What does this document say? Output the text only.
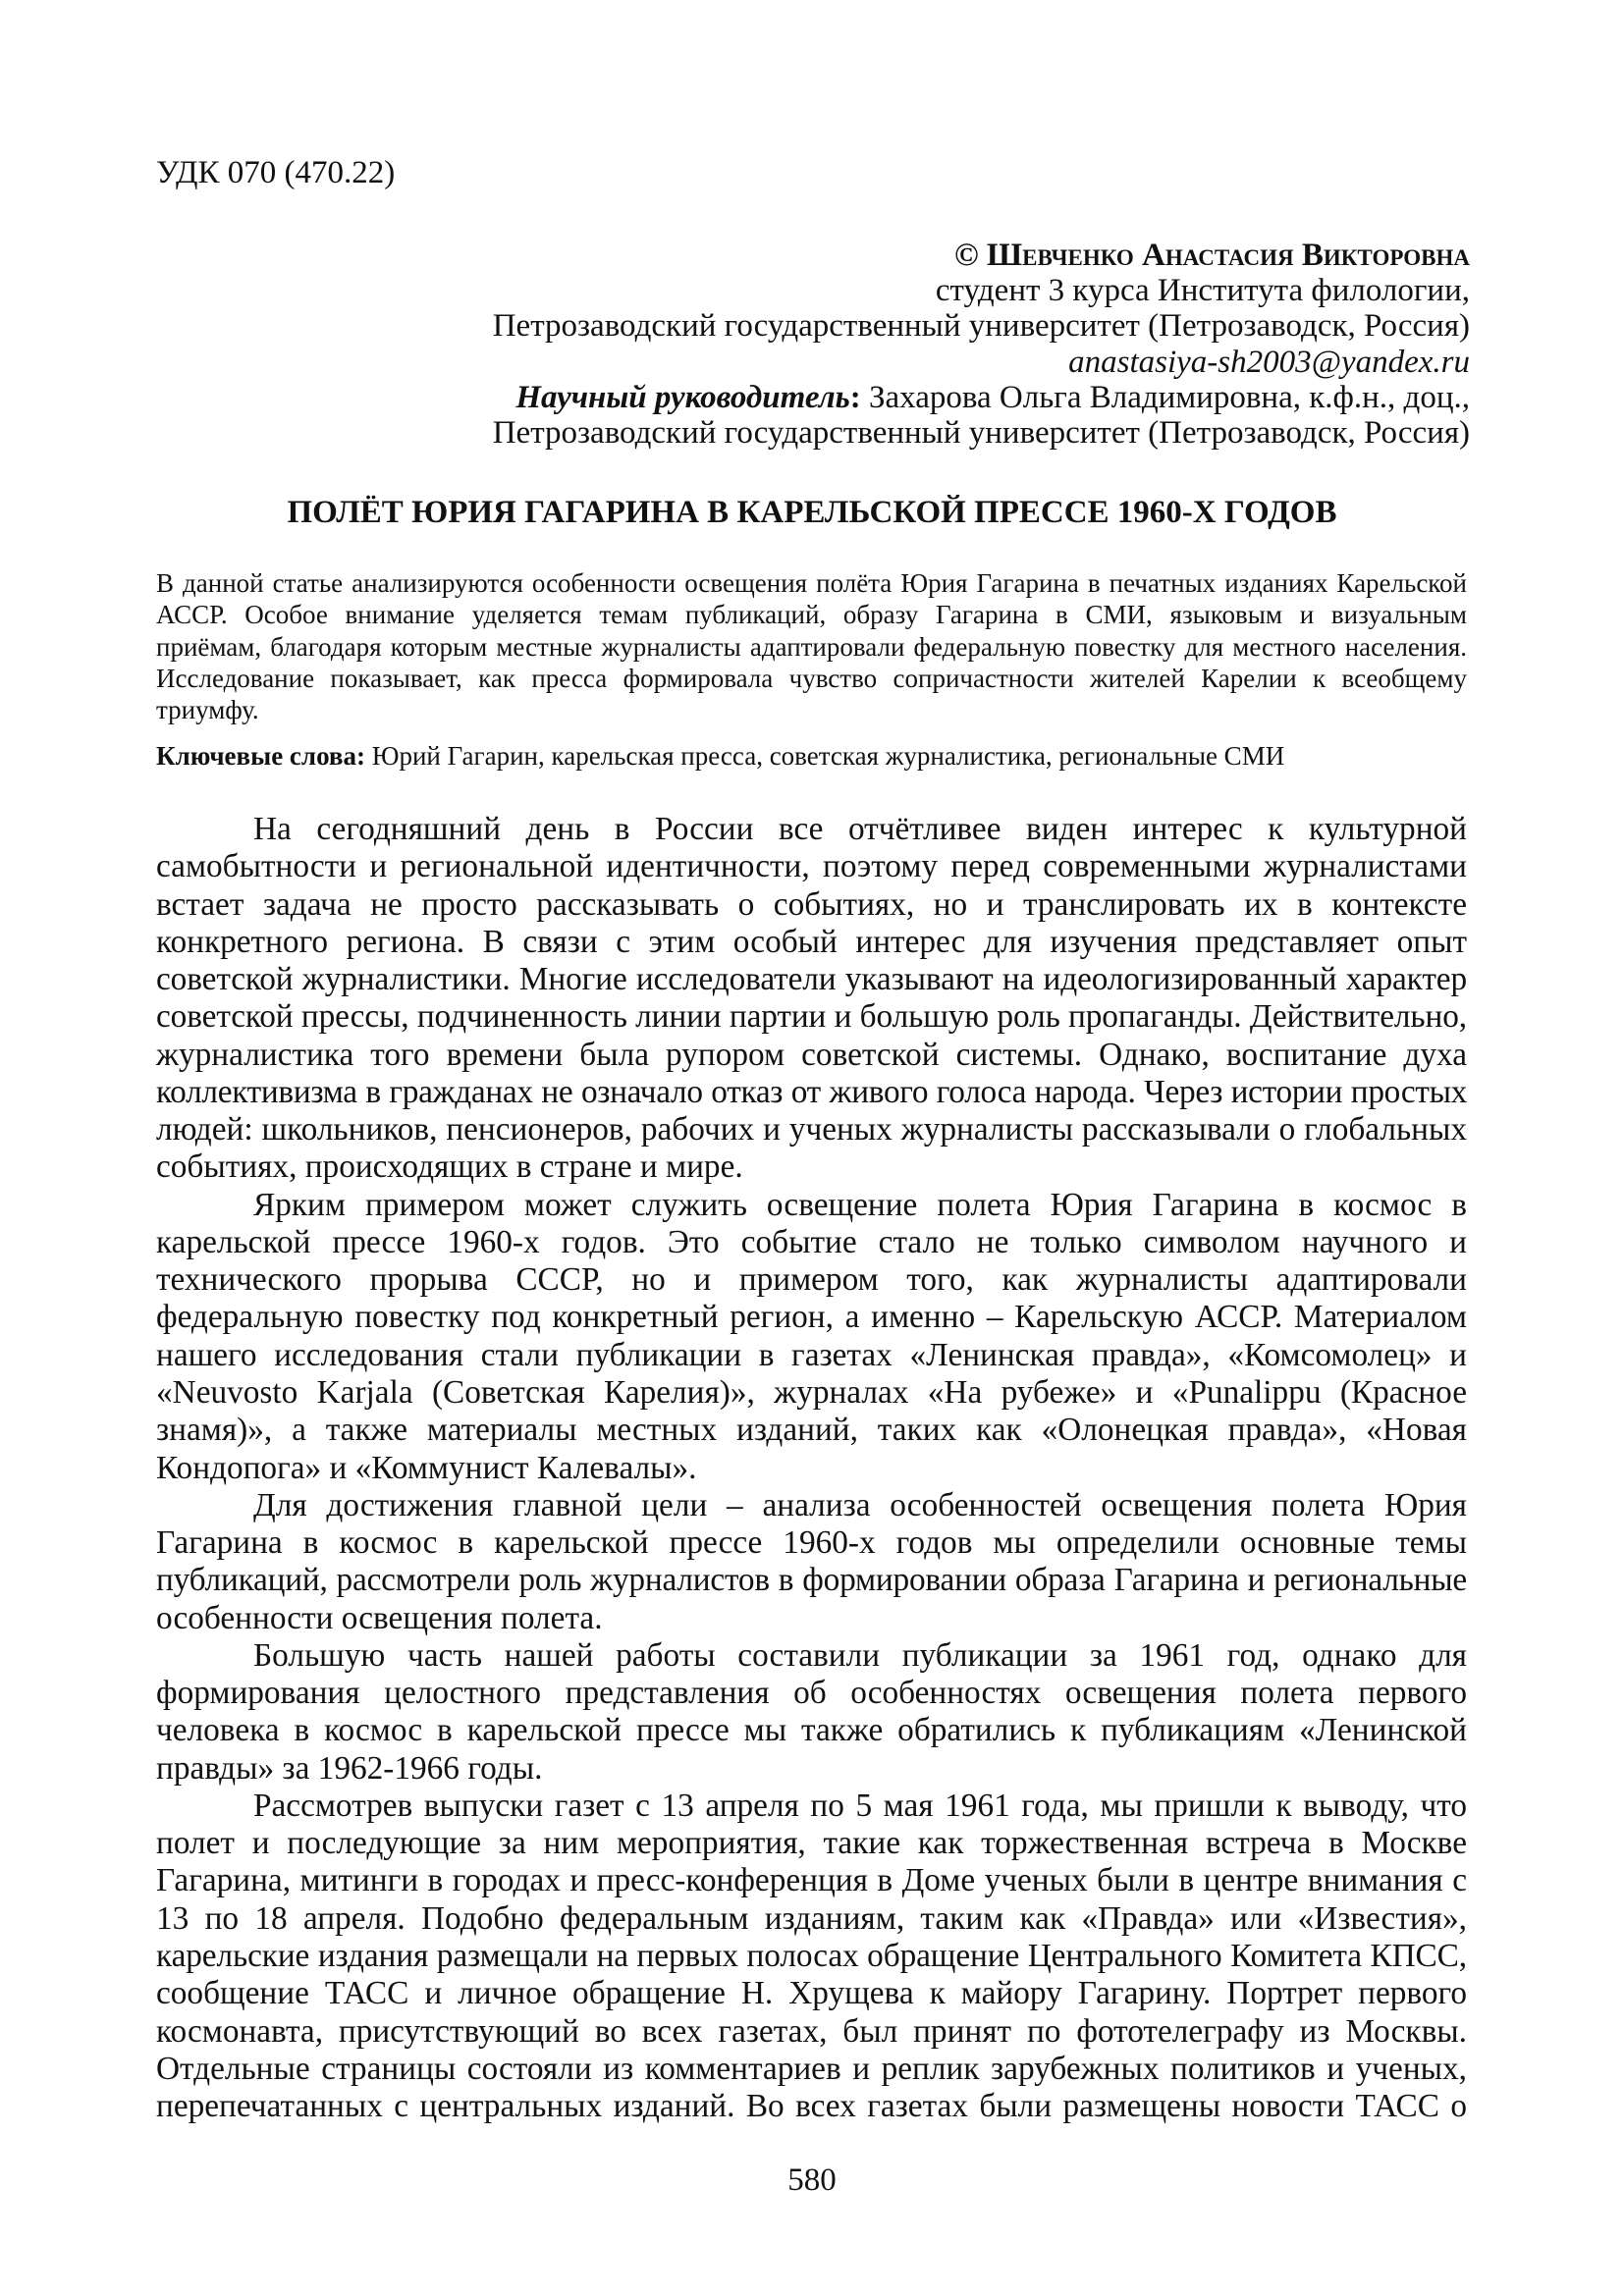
УДК 070 (470.22)
© Шевченко Анастасия Викторовна
студент 3 курса Института филологии,
Петрозаводский государственный университет (Петрозаводск, Россия)
anastasiya-sh2003@yandex.ru
Научный руководитель: Захарова Ольга Владимировна, к.ф.н., доц.,
Петрозаводский государственный университет (Петрозаводск, Россия)
ПОЛЁТ ЮРИЯ ГАГАРИНА В КАРЕЛЬСКОЙ ПРЕССЕ 1960-Х ГОДОВ
В данной статье анализируются особенности освещения полёта Юрия Гагарина в печатных изданиях Карельской
АССР. Особое внимание уделяется темам публикаций, образу Гагарина в СМИ, языковым и визуальным
приёмам, благодаря которым местные журналисты адаптировали федеральную повестку для местного населения.
Исследование показывает, как пресса формировала чувство сопричастности жителей Карелии к всеобщему
триумфу.
Ключевые слова: Юрий Гагарин, карельская пресса, советская журналистика, региональные СМИ
На сегодняшний день в России все отчётливее виден интерес к культурной
самобытности и региональной идентичности, поэтому перед современными журналистами
встает задача не просто рассказывать о событиях, но и транслировать их в контексте
конкретного региона. В связи с этим особый интерес для изучения представляет опыт
советской журналистики. Многие исследователи указывают на идеологизированный характер
советской прессы, подчиненность линии партии и большую роль пропаганды. Действительно,
журналистика того времени была рупором советской системы. Однако, воспитание духа
коллективизма в гражданах не означало отказ от живого голоса народа. Через истории простых
людей: школьников, пенсионеров, рабочих и ученых журналисты рассказывали о глобальных
событиях, происходящих в стране и мире.
Ярким примером может служить освещение полета Юрия Гагарина в космос в
карельской прессе 1960-х годов. Это событие стало не только символом научного и
технического прорыва СССР, но и примером того, как журналисты адаптировали
федеральную повестку под конкретный регион, а именно – Карельскую АССР. Материалом
нашего исследования стали публикации в газетах «Ленинская правда», «Комсомолец» и
«Neuvosto Karjala (Советская Карелия)», журналах «На рубеже» и «Punalippu (Красное
знамя)», а также материалы местных изданий, таких как «Олонецкая правда», «Новая
Кондопога» и «Коммунист Калевалы».
Для достижения главной цели – анализа особенностей освещения полета Юрия
Гагарина в космос в карельской прессе 1960-х годов мы определили основные темы
публикаций, рассмотрели роль журналистов в формировании образа Гагарина и региональные
особенности освещения полета.
Большую часть нашей работы составили публикации за 1961 год, однако для
формирования целостного представления об особенностях освещения полета первого
человека в космос в карельской прессе мы также обратились к публикациям «Ленинской
правды» за 1962-1966 годы.
Рассмотрев выпуски газет с 13 апреля по 5 мая 1961 года, мы пришли к выводу, что
полет и последующие за ним мероприятия, такие как торжественная встреча в Москве
Гагарина, митинги в городах и пресс-конференция в Доме ученых были в центре внимания с
13 по 18 апреля. Подобно федеральным изданиям, таким как «Правда» или «Известия»,
карельские издания размещали на первых полосах обращение Центрального Комитета КПСС,
сообщение ТАСС и личное обращение Н. Хрущева к майору Гагарину. Портрет первого
космонавта, присутствующий во всех газетах, был принят по фототелеграфу из Москвы.
Отдельные страницы состояли из комментариев и реплик зарубежных политиков и ученых,
перепечатанных с центральных изданий. Во всех газетах были размещены новости ТАСС о
580
